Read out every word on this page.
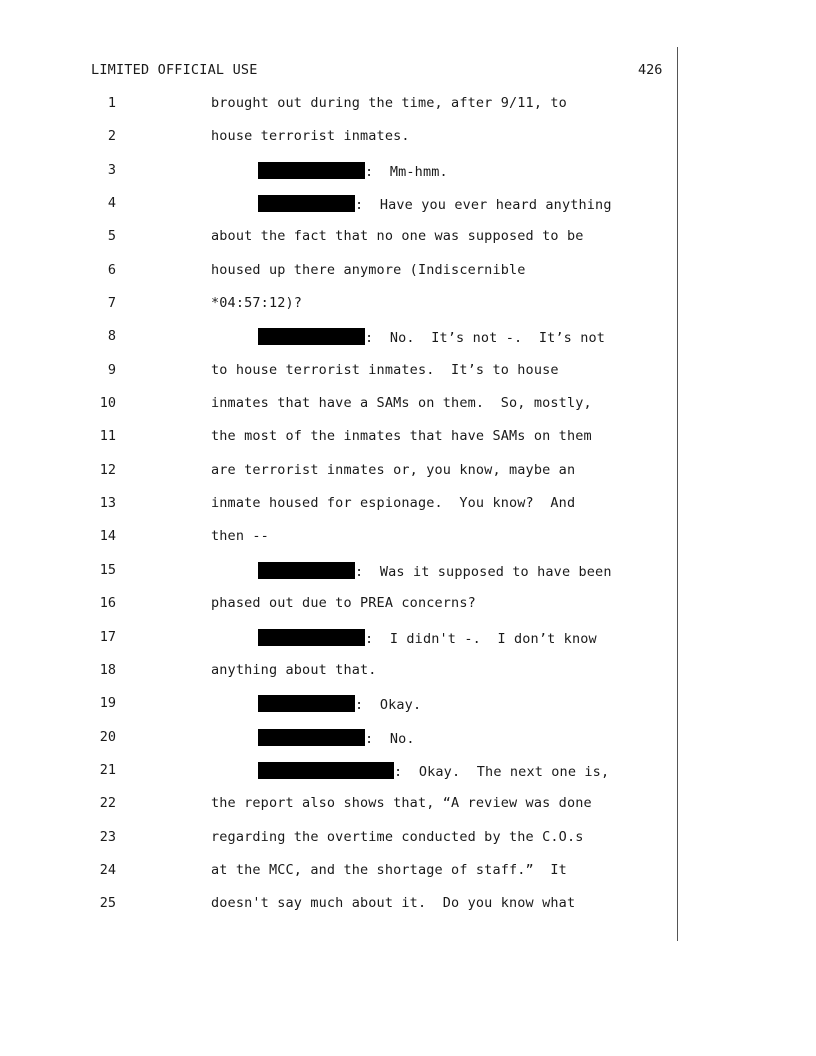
LIMITED OFFICIAL USE	426

1

	brought out during the time, after 9/11, to

2

	house terrorist inmates.

3

	:  Mm-hmm.

4

	:  Have you ever heard anything

5

	about the fact that no one was supposed to be

6

	housed up there anymore (Indiscernible

7

	*04:57:12)?

8

	:  No.  It’s not -.  It’s not

9

	to house terrorist inmates.  It’s to house

10

	inmates that have a SAMs on them.  So, mostly,

11

	the most of the inmates that have SAMs on them

12

	are terrorist inmates or, you know, maybe an

13

	inmate housed for espionage.  You know?  And

14

	then --

15

	:  Was it supposed to have been

16

	phased out due to PREA concerns?

17

	:  I didn't -.  I don’t know

18

	anything about that.

19

	:  Okay.

20

	:  No.

21

	:  Okay.  The next one is,

22

	the report also shows that, “A review was done

23

	regarding the overtime conducted by the C.O.s

24

	at the MCC, and the shortage of staff.”  It

25

	doesn't say much about it.  Do you know what
